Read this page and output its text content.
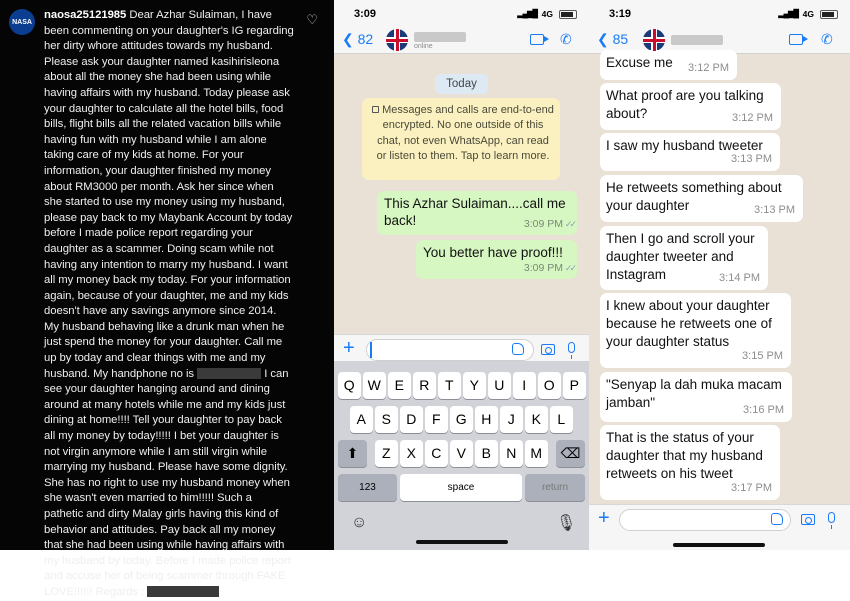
NASA	♡
naosa25121985 Dear Azhar Sulaiman, I have been commenting on your daughter's IG regarding her dirty whore attitudes towards my husband. Please ask your daughter named kasihirisleona about all the money she had been using while having affairs with my husband. Today please ask your daughter to calculate all the hotel bills, food bills, flight bills all the related vacation bills while having fun with my husband while I am alone taking care of my kids at home. For your information, your daughter finished my money about RM3000 per month. Ask her since when she started to use my money using my husband, please pay back to my Maybank Account by today before I made police report regarding your daughter as a scammer. Doing scam while not having any intention to marry my husband. I want all my money back my today. For your information again, because of your daughter, me and my kids doesn't have any savings anymore since 2014. My husband behaving like a drunk man when he just spend the money for your daughter. Call me up by today and clear things with me and my husband. My handphone no is	I can see your daughter hanging around and dining around at many hotels while me and my kids just dining at home!!!! Tell your daughter to pay back all my money by today!!!!! I bet your daughter is not virgin anymore while I am still virgin while marrying my husband. Please have some dignity. She has no right to use my husband money when she wasn't even married to him!!!!! Such a pathetic and dirty Malay girls having this kind of behavior and attitudes. Pay back all my money that she had been using while having affairs with my husband by today. Before I made police report and accuse her of being scammer through FAKE LOVE!!!!!! Regards :
3:09	▂▄▆█ 4G
❮ 82	online	✆
Today
Messages and calls are end-to-end encrypted. No one outside of this chat, not even WhatsApp, can read or listen to them. Tap to learn more.
This Azhar Sulaiman....call me back!	3:09 PM ✓✓
You better have proof!!!
3:09 PM ✓✓
+
Q W E	R	T	Y	U	I	O	P
A	S	D	F	G	H	J	K	L
Z	X	C	V	B	N	M
⬆	⌫
123	space	return
☺	🎙
3:19	▂▄▆█ 4G
❮ 85	✆
Excuse me 3:12 PM
What proof are you talking about?	3:12 PM
I saw my husband tweeter
3:13 PM
He retweets something about your daughter	3:13 PM
Then I go and scroll your daughter tweeter and Instagram	3:14 PM
I knew about your daughter because he retweets one of your daughter status
3:15 PM
"Senyap la dah muka macam jamban"	3:16 PM
That is the status of your daughter that my husband retweets on his tweet
3:17 PM
+
